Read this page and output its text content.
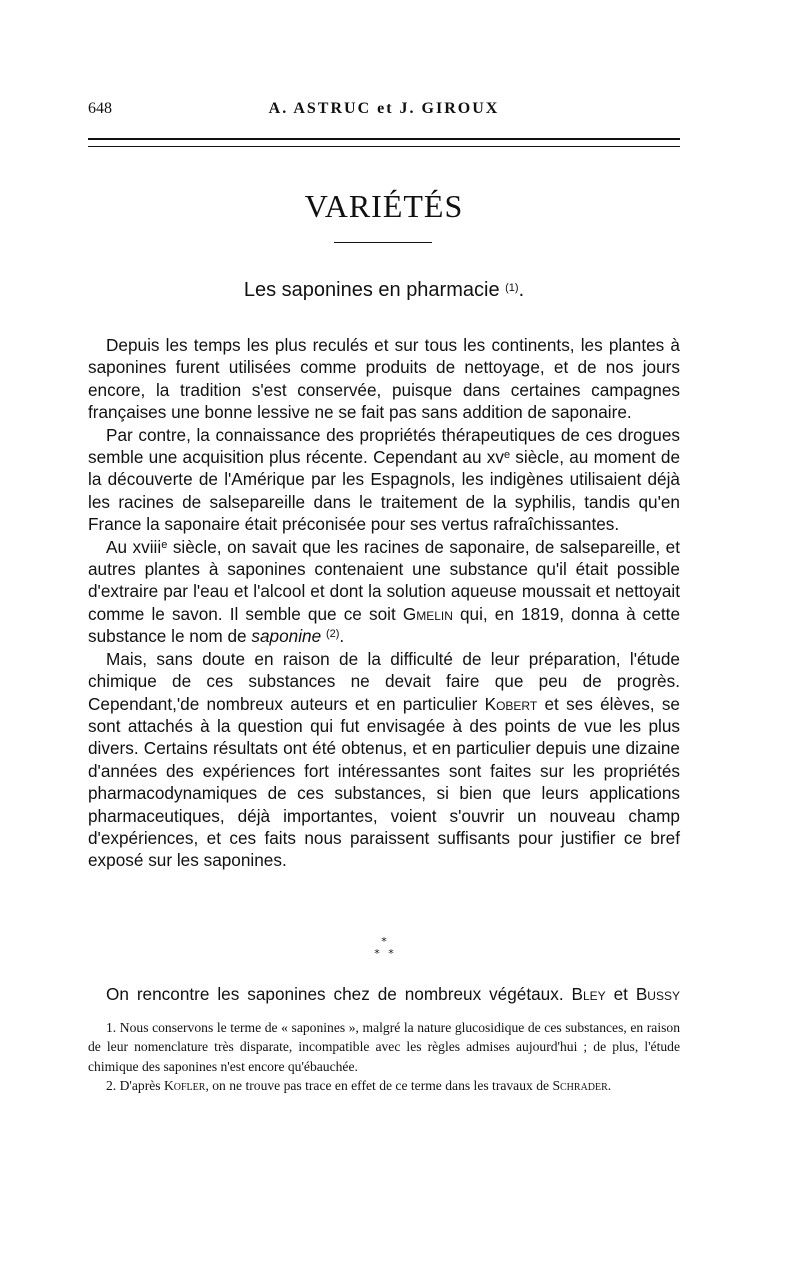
648	A. ASTRUC et J. GIROUX
VARIÉTÉS
Les saponines en pharmacie $^{(1)}$.

Depuis les temps les plus reculés et sur tous les continents, les plantes à saponines furent utilisées comme produits de nettoyage, et de nos jours encore, la tradition s'est conservée, puisque dans certaines campagnes françaises une bonne lessive ne se fait pas sans addition de saponaire.

Par contre, la connaissance des propriétés thérapeutiques de ces drogues semble une acquisition plus récente. Cependant au $xv^e$ siècle, au moment de la découverte de l'Amérique par les Espagnols, les indigènes utilisaient déjà les racines de salsepareille dans le traitement de la syphilis, tandis qu'en France la saponaire était préconisée pour ses vertus rafraîchissantes.

Au xviii$^e$ siècle, on savait que les racines de saponaire, de salsepareille, et autres plantes à saponines contenaient une substance qu'il était possible d'extraire par l'eau et l'alcool et dont la solution aqueuse moussait et nettoyait comme le savon. Il semble que ce soit Gmelin qui, en 1819, donna à cette substance le nom de saponine $^{(2)}$.

Mais, sans doute en raison de la difficulté de leur préparation, l'étude chimique de ces substances ne devait faire que peu de progrès. Cependant,'de nombreux auteurs et en particulier Kobert et ses élèves, se sont attachés à la question qui fut envisagée à des points de vue les plus divers. Certains résultats ont été obtenus, et en particulier depuis une dizaine d'années des expériences fort intéressantes sont faites sur les propriétés pharmacodynamiques de ces substances, si bien que leurs applications pharmaceutiques, déjà importantes, voient s'ouvrir un nouveau champ d'expériences, et ces faits nous paraissent suffisants pour justifier ce bref exposé sur les saponines.

*
* *
On rencontre les saponines chez de nombreux végétaux. Bley et Bussy

1. Nous conservons le terme de « saponines », malgré la nature glucosidique de ces substances, en raison de leur nomenclature très disparate, incompatible avec les règles admises aujourd'hui ; de plus, l'étude chimique des saponines n'est encore qu'ébauchée.

2. D'après Kofler, on ne trouve pas trace en effet de ce terme dans les travaux de Schrader.
